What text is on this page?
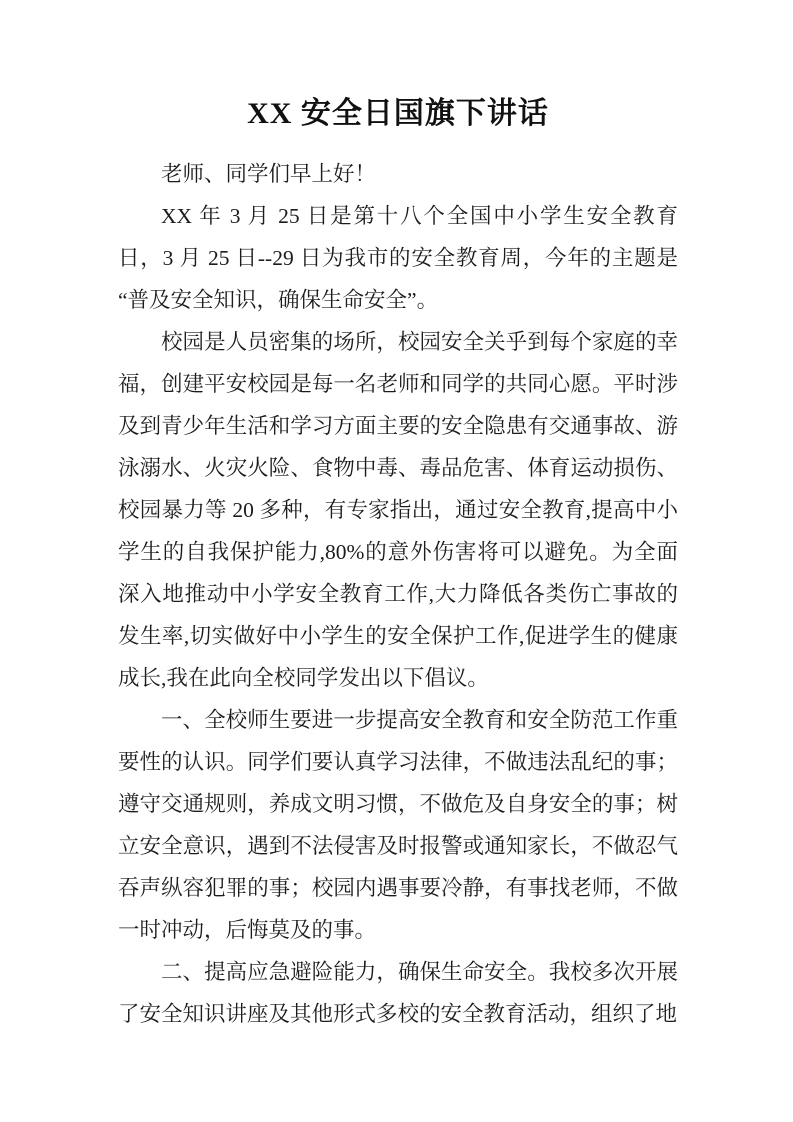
XX 安全日国旗下讲话

老师、同学们早上好！

XX 年 3 月 25 日是第十八个全国中小学生安全教育日，3 月 25 日--29 日为我市的安全教育周，今年的主题是“普及安全知识，确保生命安全”。

校园是人员密集的场所，校园安全关乎到每个家庭的幸福，创建平安校园是每一名老师和同学的共同心愿。平时涉及到青少年生活和学习方面主要的安全隐患有交通事故、游泳溺水、火灾火险、食物中毒、毒品危害、体育运动损伤、校园暴力等 20 多种，有专家指出，通过安全教育,提高中小学生的自我保护能力,80%的意外伤害将可以避免。为全面深入地推动中小学安全教育工作,大力降低各类伤亡事故的发生率,切实做好中小学生的安全保护工作,促进学生的健康成长,我在此向全校同学发出以下倡议。

一、全校师生要进一步提高安全教育和安全防范工作重要性的认识。同学们要认真学习法律，不做违法乱纪的事；遵守交通规则，养成文明习惯，不做危及自身安全的事；树立安全意识，遇到不法侵害及时报警或通知家长，不做忍气吞声纵容犯罪的事；校园内遇事要冷静，有事找老师，不做一时冲动，后悔莫及的事。

二、提高应急避险能力，确保生命安全。我校多次开展了安全知识讲座及其他形式多校的安全教育活动，组织了地
